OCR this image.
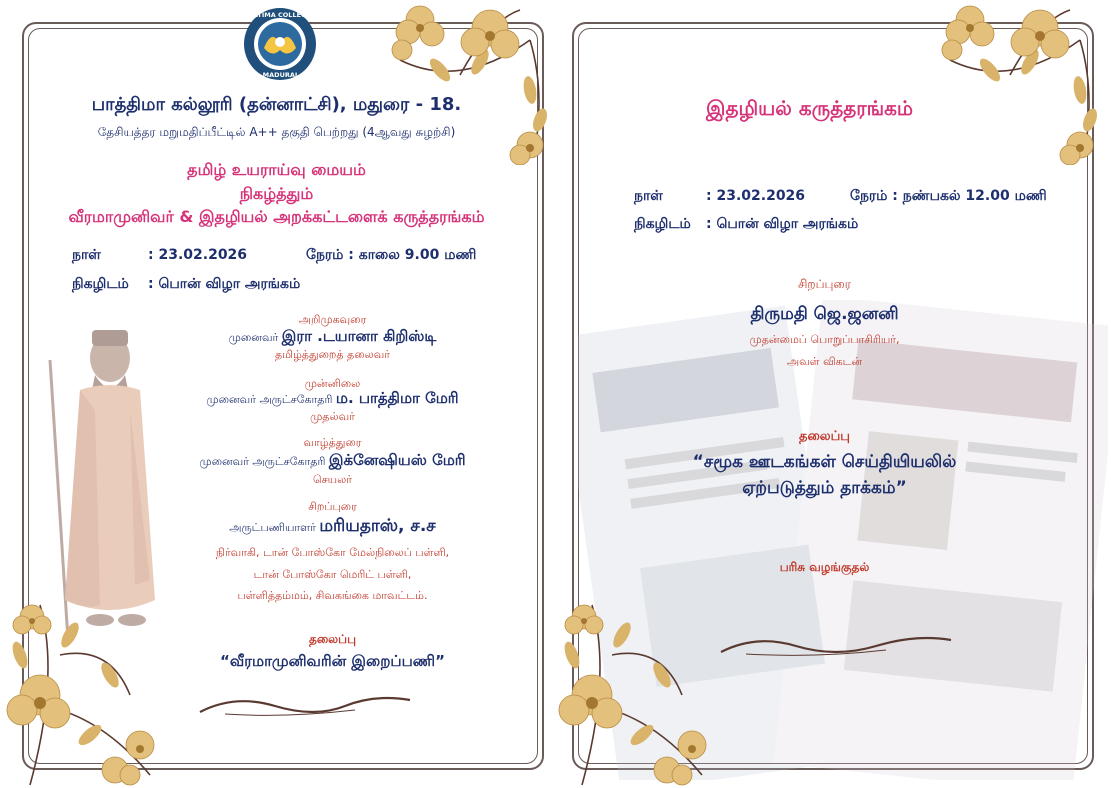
FATIMA COLLEGE
MADURAI
பாத்திமா கல்லூரி (தன்னாட்சி), மதுரை - 18.
தேசியத்தர மறுமதிப்பீட்டில் A++ தகுதி பெற்றது (4ஆவது சுழற்சி)
தமிழ் உயராய்வு மையம்
நிகழ்த்தும்
வீரமாமுனிவர் & இதழியல் அறக்கட்டளைக் கருத்தரங்கம்
நாள்	: 23.02.2026	நேரம் : காலை 9.00 மணி
நிகழிடம் : பொன் விழா அரங்கம்
அறிமுகவுரை
முனைவர் இரா .டயானா கிறிஸ்டி
தமிழ்த்துறைத் தலைவர்
முன்னிலை
முனைவர் அருட்சகோதரி ம. பாத்திமா மேரி
முதல்வர்
வாழ்த்துரை
முனைவர் அருட்சகோதரி இக்னேஷியஸ் மேரி
செயலர்
சிறப்புரை
அருட்பணியாளர் மரியதாஸ், ச.ச
நிர்வாகி, டான் போஸ்கோ மேல்நிலைப் பள்ளி,
டான் போஸ்கோ மெரிட் பள்ளி,
பள்ளித்தம்மம், சிவகங்கை மாவட்டம்.
தலைப்பு
“வீரமாமுனிவரின் இறைப்பணி”
இதழியல் கருத்தரங்கம்
நாள்	: 23.02.2026	நேரம் : நண்பகல் 12.00 மணி
நிகழிடம் : பொன் விழா அரங்கம்
சிறப்புரை
திருமதி ஜெ.ஜனனி
முதன்மைப் பொறுப்பாசிரியர்,
அவள் விகடன்
தலைப்பு
“சமூக ஊடகங்கள் செய்தியியலில்
ஏற்படுத்தும் தாக்கம்”
பரிசு வழங்குதல்
